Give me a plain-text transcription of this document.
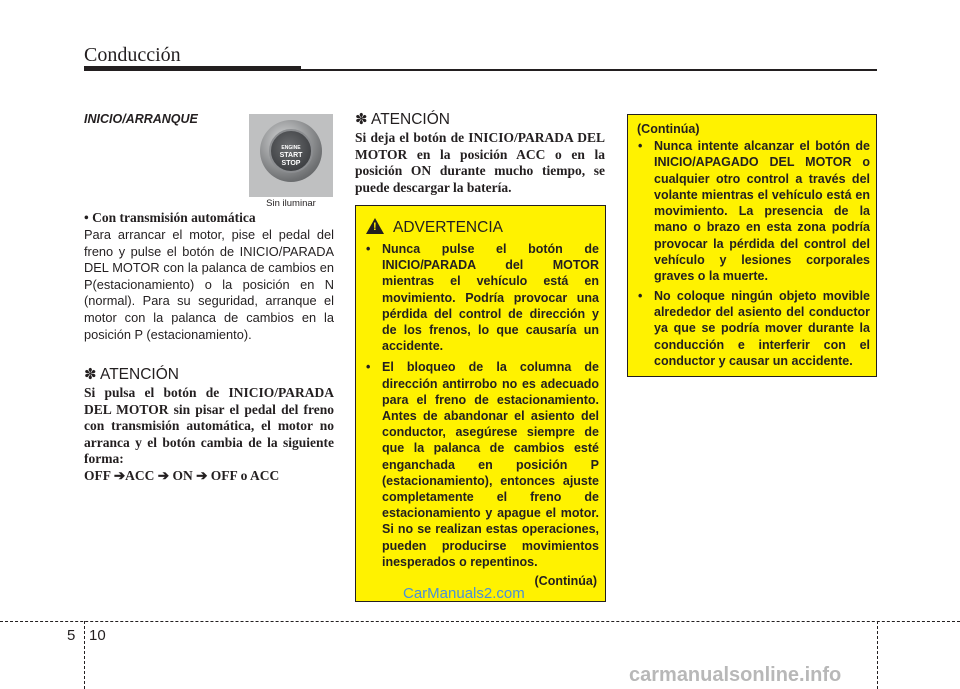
Conducción
INICIO/ARRANQUE
ENGINE
START
STOP
Sin iluminar
• Con transmisión automática
Para arrancar el motor, pise el pedal del freno y pulse el botón de INICIO/PARADA DEL MOTOR con la palanca de cambios en P(estacionamiento) o la posición en N (normal). Para su seguridad, arranque el motor con la palanca de cambios en la posición P (estacionamiento).
✽ ATENCIÓN
Si pulsa el botón de INICIO/PARADA DEL MOTOR sin pisar el pedal del freno con transmisión automática, el motor no arranca y el botón cambia de la siguiente forma:
OFF ➔ACC ➔ ON ➔ OFF o ACC
✽ ATENCIÓN
Si deja el botón de INICIO/PARADA DEL MOTOR en la posición ACC o en la posición ON durante mucho tiempo, se puede descargar la batería.
! ADVERTENCIA
• Nunca pulse el botón de INICIO/PARADA del MOTOR mientras el vehículo está en movimiento. Podría provocar una pérdida del control de dirección y de los frenos, lo que causaría un accidente.
• El bloqueo de la columna de dirección antirrobo no es adecuado para el freno de estacionamiento. Antes de abandonar el asiento del conductor, asegúrese siempre de que la palanca de cambios esté enganchada en posición P (estacionamiento), entonces ajuste completamente el freno de estacionamiento y apague el motor. Si no se realizan estas operaciones, pueden producirse movimientos inesperados o repentinos.
(Continúa)
CarManuals2.com
(Continúa)
• Nunca intente alcanzar el botón de INICIO/APAGADO DEL MOTOR o cualquier otro control a través del volante mientras el vehículo está en movimiento. La presencia de la mano o brazo en esta zona podría provocar la pérdida del control del vehículo y lesiones corporales graves o la muerte.
• No coloque ningún objeto movible alrededor del asiento del conductor ya que se podría mover durante la conducción e interferir con el conductor y causar un accidente.
5 10
carmanualsonline.info
